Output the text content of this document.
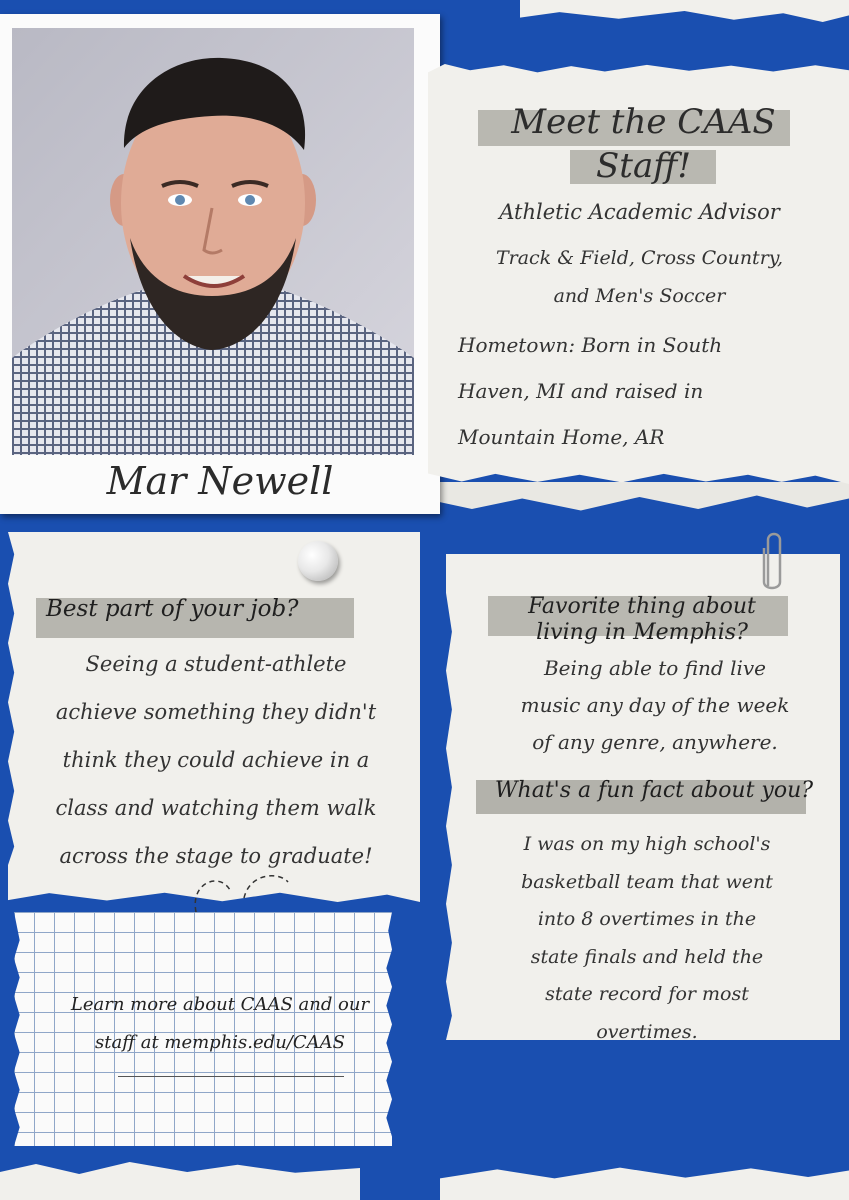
Mar Newell
Meet the CAAS
Staff!
Athletic Academic Advisor
Track & Field, Cross Country,
and Men's Soccer
Hometown: Born in South
Haven, MI and raised in
Mountain Home, AR
Best part of your job?
Seeing a student-athlete
achieve something they didn't
think they could achieve in a
class and watching them walk
across the stage to graduate!
Learn more about CAAS and our
staff at memphis.edu/CAAS
Favorite thing about
living in Memphis?
Being able to find live
music any day of the week
of any genre, anywhere.
What's a fun fact about you?
I was on my high school's
basketball team that went
into 8 overtimes in the
state finals and held the
state record for most
overtimes.
